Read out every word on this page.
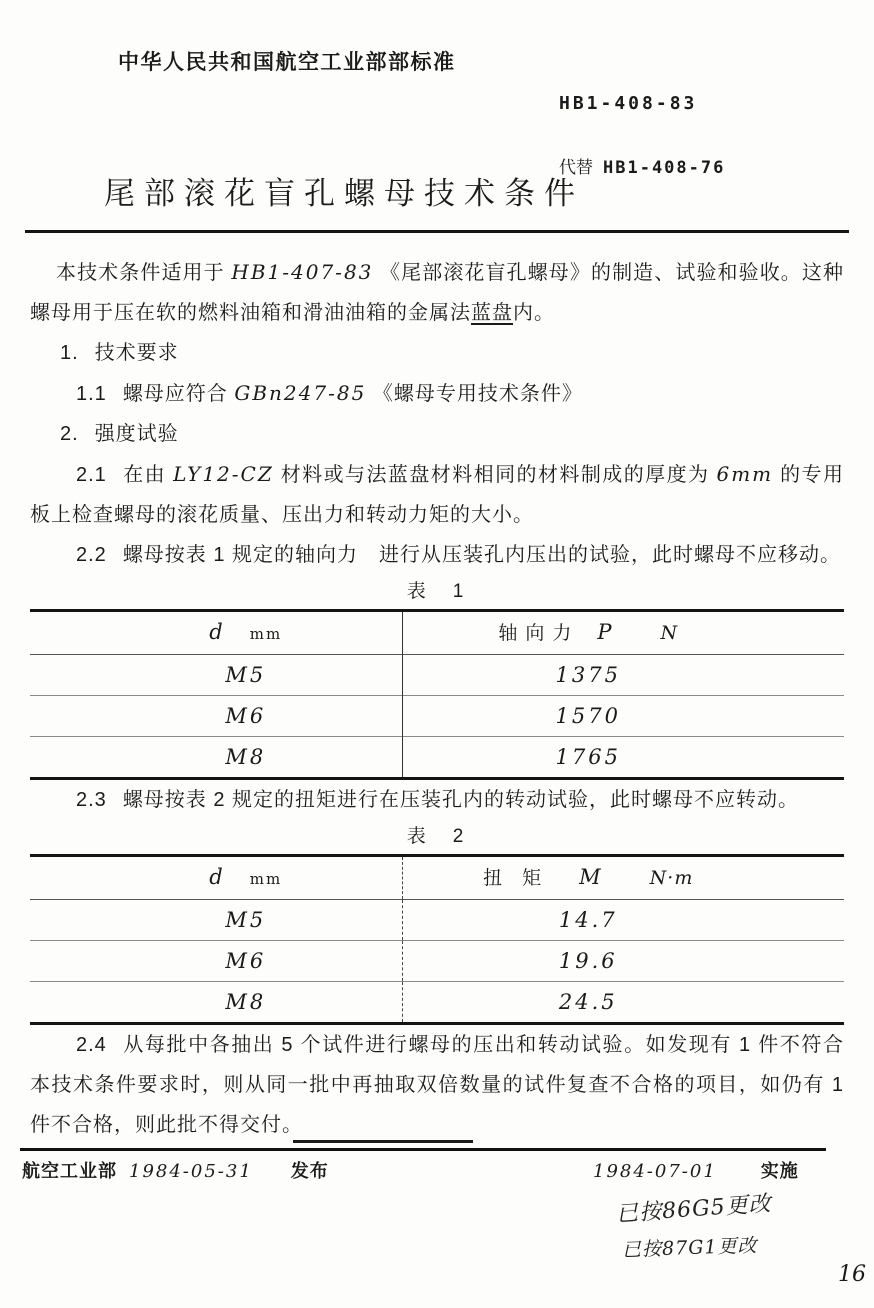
中华人民共和国航空工业部部标准
HB1-408-83
代替 HB1-408-76
尾部滚花盲孔螺母技术条件

本技术条件适用于 HB1-407-83 《尾部滚花盲孔螺母》的制造、试验和验收。这种螺母用于压在软的燃料油箱和滑油油箱的金属法蓝盘内。

1. 技术要求

1.1 螺母应符合 GBn247-85 《螺母专用技术条件》

2. 强度试验

2.1 在由 LY12-CZ 材料或与法蓝盘材料相同的材料制成的厚度为 6mm 的专用板上检查螺母的滚花质量、压出力和转动力矩的大小。

2.2 螺母按表 1 规定的轴向力　进行从压装孔内压出的试验，此时螺母不应移动。

表　1
d mm	轴向力 P N
M5	1375
M6	1570
M8	1765

2.3 螺母按表 2 规定的扭矩进行在压装孔内的转动试验，此时螺母不应转动。

表　2
d mm	扭矩 M N·m
M5	14.7
M6	19.6
M8	24.5

2.4 从每批中各抽出 5 个试件进行螺母的压出和转动试验。如发现有 1 件不符合本技术条件要求时，则从同一批中再抽取双倍数量的试件复查不合格的项目，如仍有 1 件不合格，则此批不得交付。

航空工业部 1984-05-31 发布	1984-07-01 实施
已按86G5更改
已按87G1更改
16
